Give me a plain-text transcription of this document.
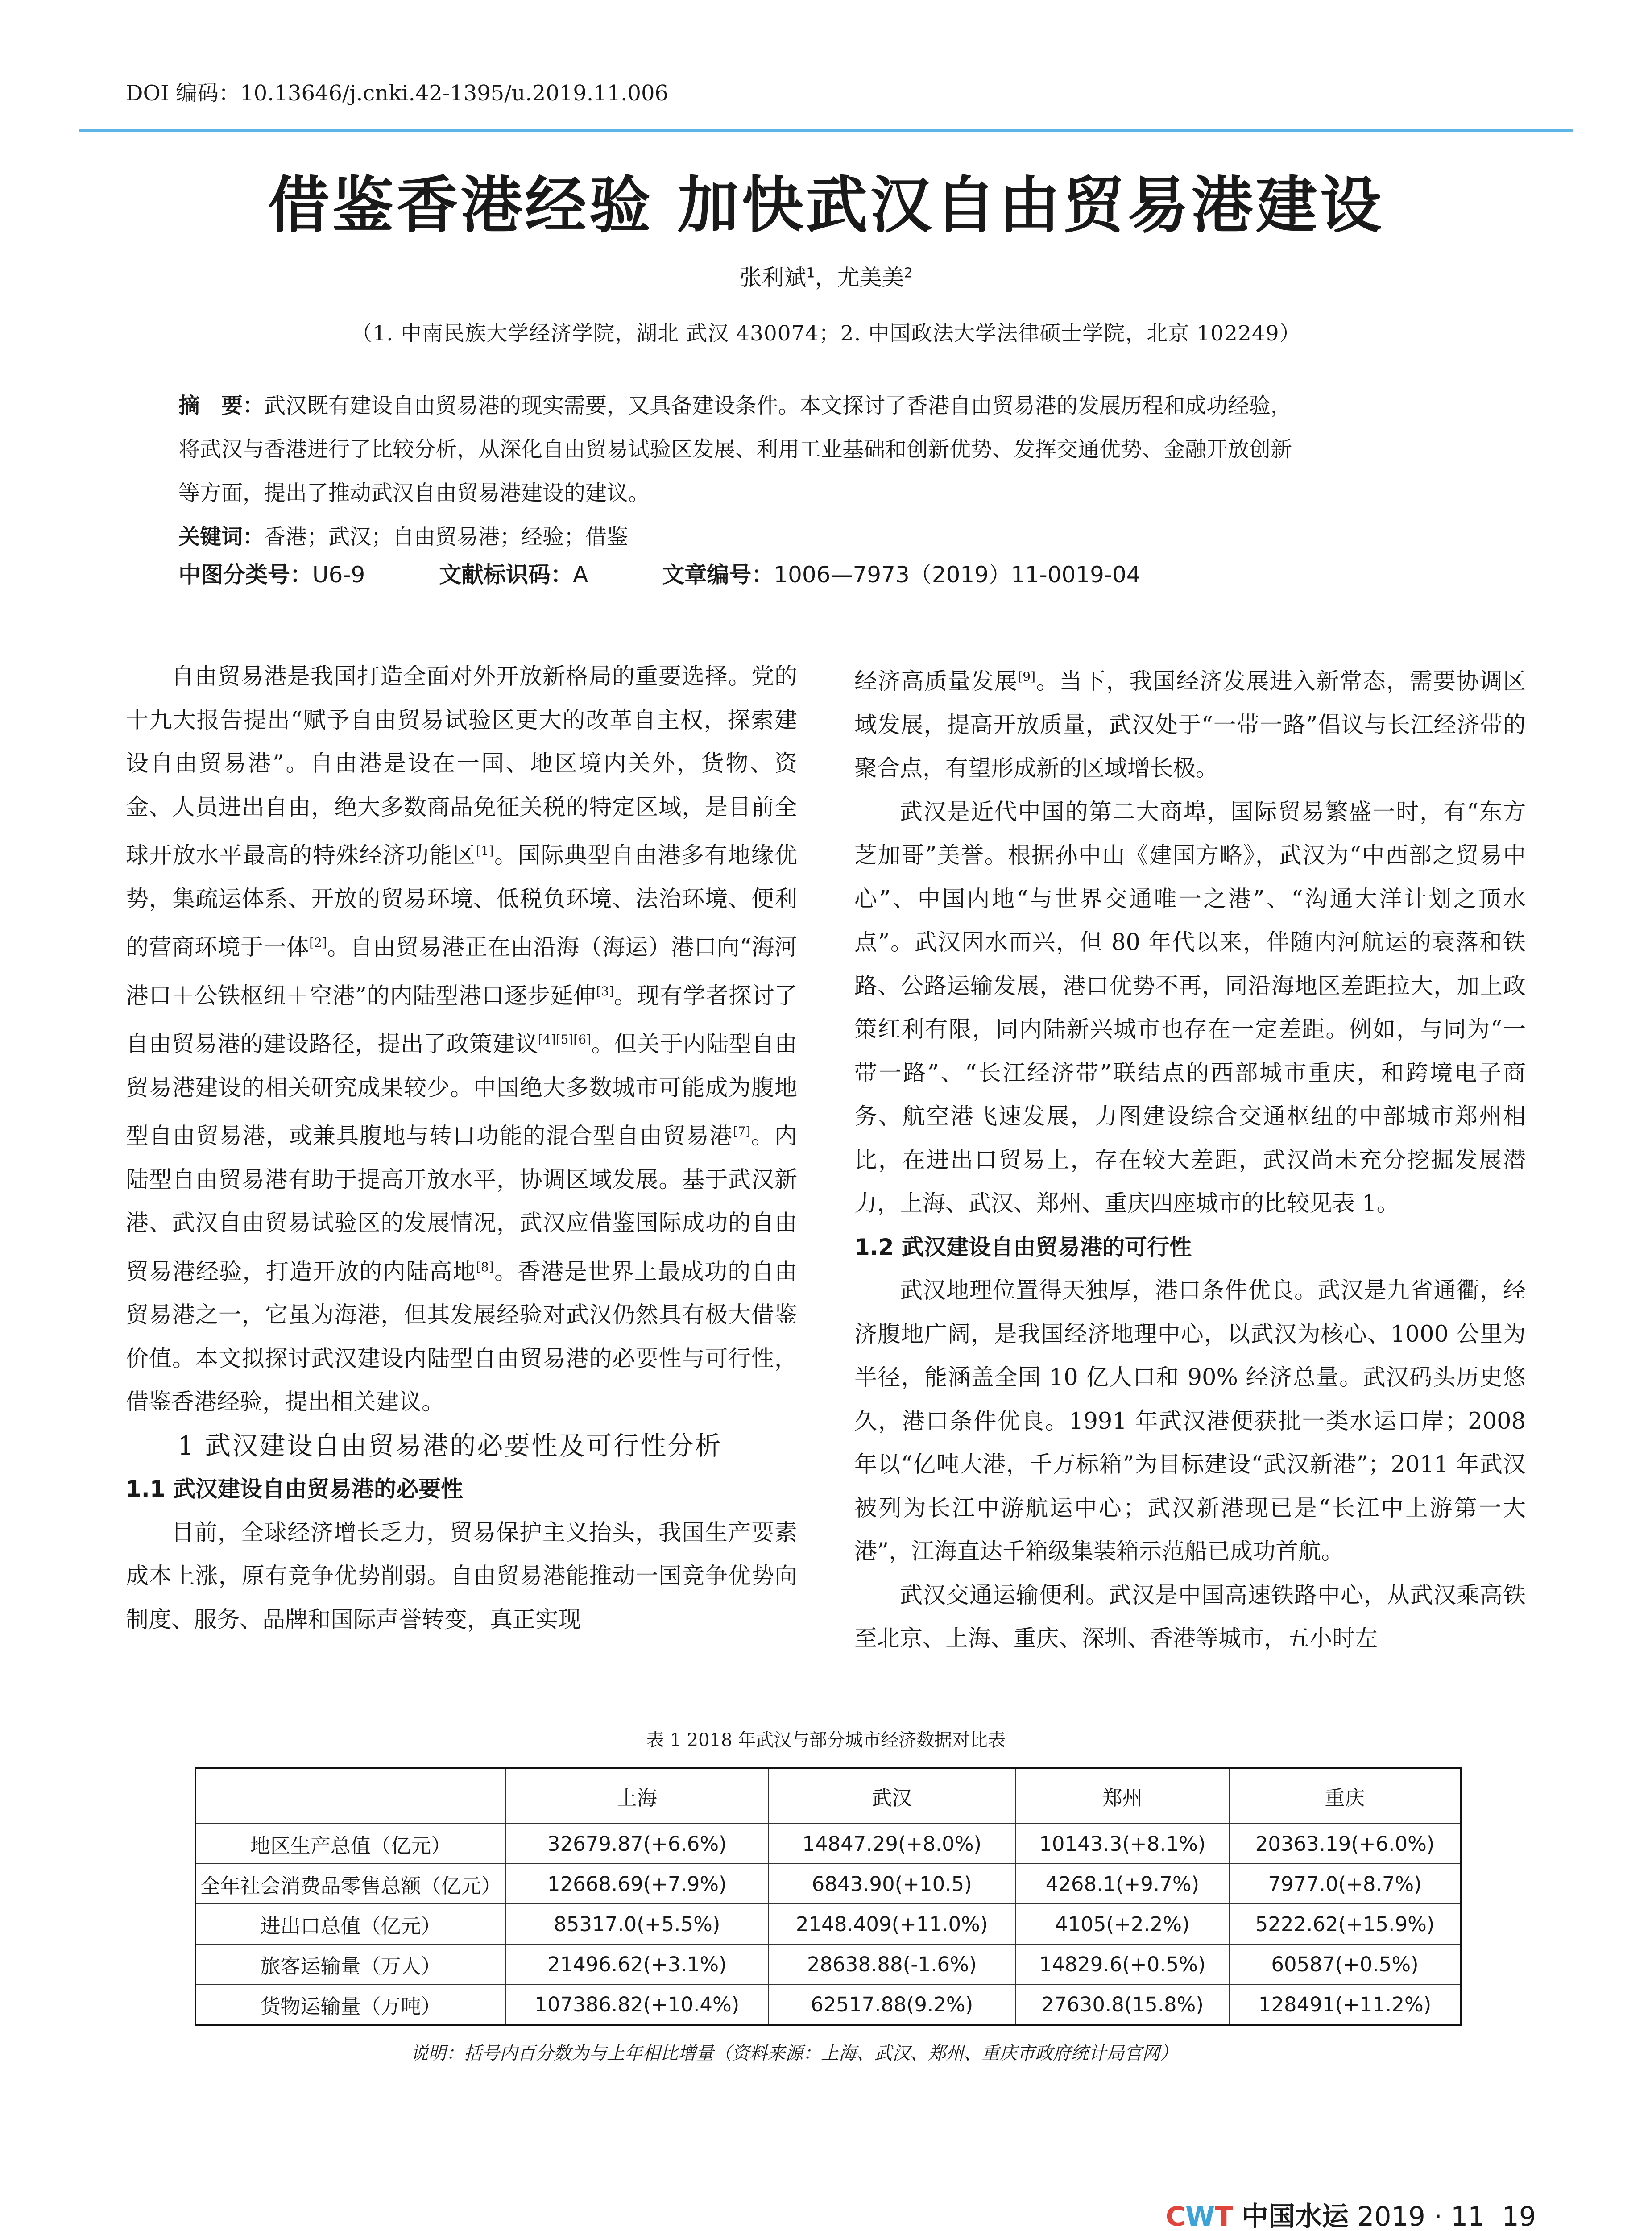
DOI 编码：10.13646/j.cnki.42-1395/u.2019.11.006
借鉴香港经验 加快武汉自由贸易港建设
张利斌$^1$，尤美美$^2$
（1. 中南民族大学经济学院，湖北 武汉 430074；2. 中国政法大学法律硕士学院，北京 102249）

摘　要：武汉既有建设自由贸易港的现实需要，又具备建设条件。本文探讨了香港自由贸易港的发展历程和成功经验，

将武汉与香港进行了比较分析，从深化自由贸易试验区发展、利用工业基础和创新优势、发挥交通优势、金融开放创新

等方面，提出了推动武汉自由贸易港建设的建议。

关键词：香港；武汉；自由贸易港；经验；借鉴

中图分类号：U6-9	文献标识码：A	文章编号：1006—7973（2019）11-0019-04

自由贸易港是我国打造全面对外开放新格局的重要选择。党的十九大报告提出“赋予自由贸易试验区更大的改革自主权，探索建设自由贸易港”。自由港是设在一国、地区境内关外，货物、资金、人员进出自由，绝大多数商品免征关税的特定区域，是目前全球开放水平最高的特殊经济功能区[1]。国际典型自由港多有地缘优势，集疏运体系、开放的贸易环境、低税负环境、法治环境、便利的营商环境于一体[2]。自由贸易港正在由沿海（海运）港口向“海河港口＋公铁枢纽＋空港”的内陆型港口逐步延伸[3]。现有学者探讨了自由贸易港的建设路径，提出了政策建议[4][5][6]。但关于内陆型自由贸易港建设的相关研究成果较少。中国绝大多数城市可能成为腹地型自由贸易港，或兼具腹地与转口功能的混合型自由贸易港[7]。内陆型自由贸易港有助于提高开放水平，协调区域发展。基于武汉新港、武汉自由贸易试验区的发展情况，武汉应借鉴国际成功的自由贸易港经验，打造开放的内陆高地[8]。香港是世界上最成功的自由贸易港之一，它虽为海港，但其发展经验对武汉仍然具有极大借鉴价值。本文拟探讨武汉建设内陆型自由贸易港的必要性与可行性，借鉴香港经验，提出相关建议。

1 武汉建设自由贸易港的必要性及可行性分析

1.1 武汉建设自由贸易港的必要性

目前，全球经济增长乏力，贸易保护主义抬头，我国生产要素成本上涨，原有竞争优势削弱。自由贸易港能推动一国竞争优势向制度、服务、品牌和国际声誉转变，真正实现

经济高质量发展[9]。当下，我国经济发展进入新常态，需要协调区域发展，提高开放质量，武汉处于“一带一路”倡议与长江经济带的聚合点，有望形成新的区域增长极。

武汉是近代中国的第二大商埠，国际贸易繁盛一时，有“东方芝加哥”美誉。根据孙中山《建国方略》，武汉为“中西部之贸易中心”、中国内地“与世界交通唯一之港”、“沟通大洋计划之顶水点”。武汉因水而兴，但 80 年代以来，伴随内河航运的衰落和铁路、公路运输发展，港口优势不再，同沿海地区差距拉大，加上政策红利有限，同内陆新兴城市也存在一定差距。例如，与同为“一带一路”、“长江经济带”联结点的西部城市重庆，和跨境电子商务、航空港飞速发展，力图建设综合交通枢纽的中部城市郑州相比，在进出口贸易上，存在较大差距，武汉尚未充分挖掘发展潜力，上海、武汉、郑州、重庆四座城市的比较见表 1。

1.2 武汉建设自由贸易港的可行性

武汉地理位置得天独厚，港口条件优良。武汉是九省通衢，经济腹地广阔，是我国经济地理中心，以武汉为核心、1000 公里为半径，能涵盖全国 10 亿人口和 90% 经济总量。武汉码头历史悠久，港口条件优良。1991 年武汉港便获批一类水运口岸；2008 年以“亿吨大港，千万标箱”为目标建设“武汉新港”；2011 年武汉被列为长江中游航运中心；武汉新港现已是“长江中上游第一大港”，江海直达千箱级集装箱示范船已成功首航。

武汉交通运输便利。武汉是中国高速铁路中心，从武汉乘高铁至北京、上海、重庆、深圳、香港等城市，五小时左

表 1 2018 年武汉与部分城市经济数据对比表
	上海	武汉	郑州	重庆
地区生产总值（亿元）	32679.87(+6.6%)	14847.29(+8.0%)	10143.3(+8.1%)	20363.19(+6.0%)
全年社会消费品零售总额（亿元）	12668.69(+7.9%)	6843.90(+10.5)	4268.1(+9.7%)	7977.0(+8.7%)
进出口总值（亿元）	85317.0(+5.5%)	2148.409(+11.0%)	4105(+2.2%)	5222.62(+15.9%)
旅客运输量（万人）	21496.62(+3.1%)	28638.88(-1.6%)	14829.6(+0.5%)	60587(+0.5%)
货物运输量（万吨）	107386.82(+10.4%)	62517.88(9.2%)	27630.8(15.8%)	128491(+11.2%)
说明：括号内百分数为与上年相比增量（资料来源：上海、武汉、郑州、重庆市政府统计局官网）
CWT 中国水运 2019 · 11 19
